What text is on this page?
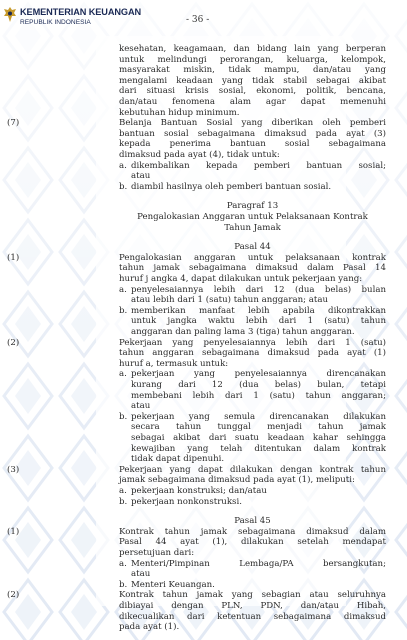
KEMENTERIAN KEUANGAN
REPUBLIK INDONESIA	- 36 -
kesehatan, keagamaan, dan bidang lain yang berperan
untuk melindungi perorangan, keluarga, kelompok,
masyarakat miskin, tidak mampu, dan/atau yang
mengalami keadaan yang tidak stabil sebagai akibat
dari situasi krisis sosial, ekonomi, politik, bencana,
dan/atau fenomena alam agar dapat memenuhi
kebutuhan hidup minimum.
(7)	Belanja Bantuan Sosial yang diberikan oleh pemberi
bantuan sosial sebagaimana dimaksud pada ayat (3)
kepada penerima bantuan sosial sebagaimana
dimaksud pada ayat (4), tidak untuk:
a. dikembalikan kepada pemberi bantuan sosial;
atau
b. diambil hasilnya oleh pemberi bantuan sosial.
Paragraf 13
Pengalokasian Anggaran untuk Pelaksanaan Kontrak
Tahun Jamak
Pasal 44
(1)	Pengalokasian anggaran untuk pelaksanaan kontrak
tahun jamak sebagaimana dimaksud dalam Pasal 14
huruf j angka 4, dapat dilakukan untuk pekerjaan yang:
a. penyelesaiannya lebih dari 12 (dua belas) bulan
atau lebih dari 1 (satu) tahun anggaran; atau
b. memberikan manfaat lebih apabila dikontrakkan
untuk jangka waktu lebih dari 1 (satu) tahun
anggaran dan paling lama 3 (tiga) tahun anggaran.
(2)	Pekerjaan yang penyelesaiannya lebih dari 1 (satu)
tahun anggaran sebagaimana dimaksud pada ayat (1)
huruf a, termasuk untuk:
a. pekerjaan yang penyelesaiannya direncanakan
kurang dari 12 (dua belas) bulan, tetapi
membebani lebih dari 1 (satu) tahun anggaran;
atau
b. pekerjaan yang semula direncanakan dilakukan
secara tahun tunggal menjadi tahun jamak
sebagai akibat dari suatu keadaan kahar sehingga
kewajiban yang telah ditentukan dalam kontrak
tidak dapat dipenuhi.
(3)	Pekerjaan yang dapat dilakukan dengan kontrak tahun
jamak sebagaimana dimaksud pada ayat (1), meliputi:
a. pekerjaan konstruksi; dan/atau
b. pekerjaan nonkonstruksi.
Pasal 45
(1)	Kontrak tahun jamak sebagaimana dimaksud dalam
Pasal 44 ayat (1), dilakukan setelah mendapat
persetujuan dari:
a. Menteri/Pimpinan Lembaga/PA bersangkutan;
atau
b. Menteri Keuangan.
(2)	Kontrak tahun jamak yang sebagian atau seluruhnya
dibiayai dengan PLN, PDN, dan/atau Hibah,
dikecualikan dari ketentuan sebagaimana dimaksud
pada ayat (1).
